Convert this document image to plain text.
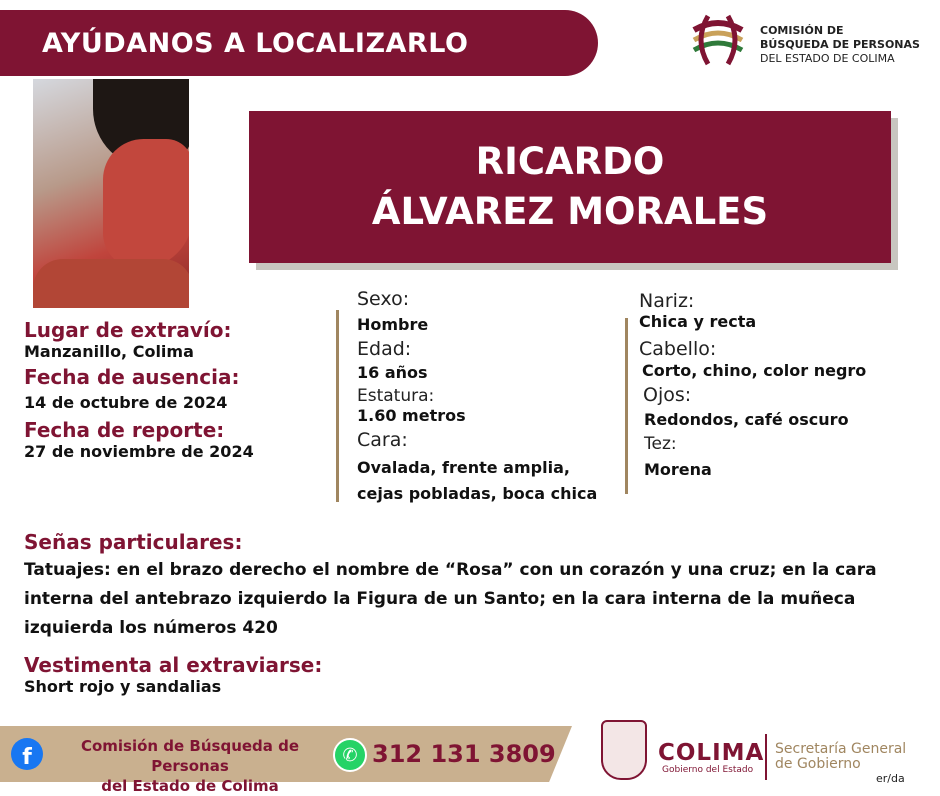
AYÚDANOS A LOCALIZARLO	COMISIÓN DE
BÚSQUEDA DE PERSONAS
DEL ESTADO DE COLIMA
RICARDO
ÁLVAREZ MORALES
Lugar de extravío:
Manzanillo, Colima
Fecha de ausencia:
14 de octubre de 2024
Fecha de reporte:
27 de noviembre de 2024
Sexo:
Hombre
Edad:
16 años
Estatura:
1.60 metros
Cara:
Ovalada, frente amplia,
cejas pobladas, boca chica
Nariz:
Chica y recta
Cabello:
Corto, chino, color negro
Ojos:
Redondos, café oscuro
Tez:
Morena
Señas particulares:
Tatuajes: en el brazo derecho el nombre de “Rosa” con un corazón y una cruz; en la cara
interna del antebrazo izquierdo la Figura de un Santo; en la cara interna de la muñeca
izquierda los números 420
Vestimenta al extraviarse:
Short rojo y sandalias
f	Comisión de Búsqueda de Personas
del Estado de Colima
✆ 312 131 3809	COLIMA
Gobierno del Estado
Secretaría General
de Gobierno
er/da
